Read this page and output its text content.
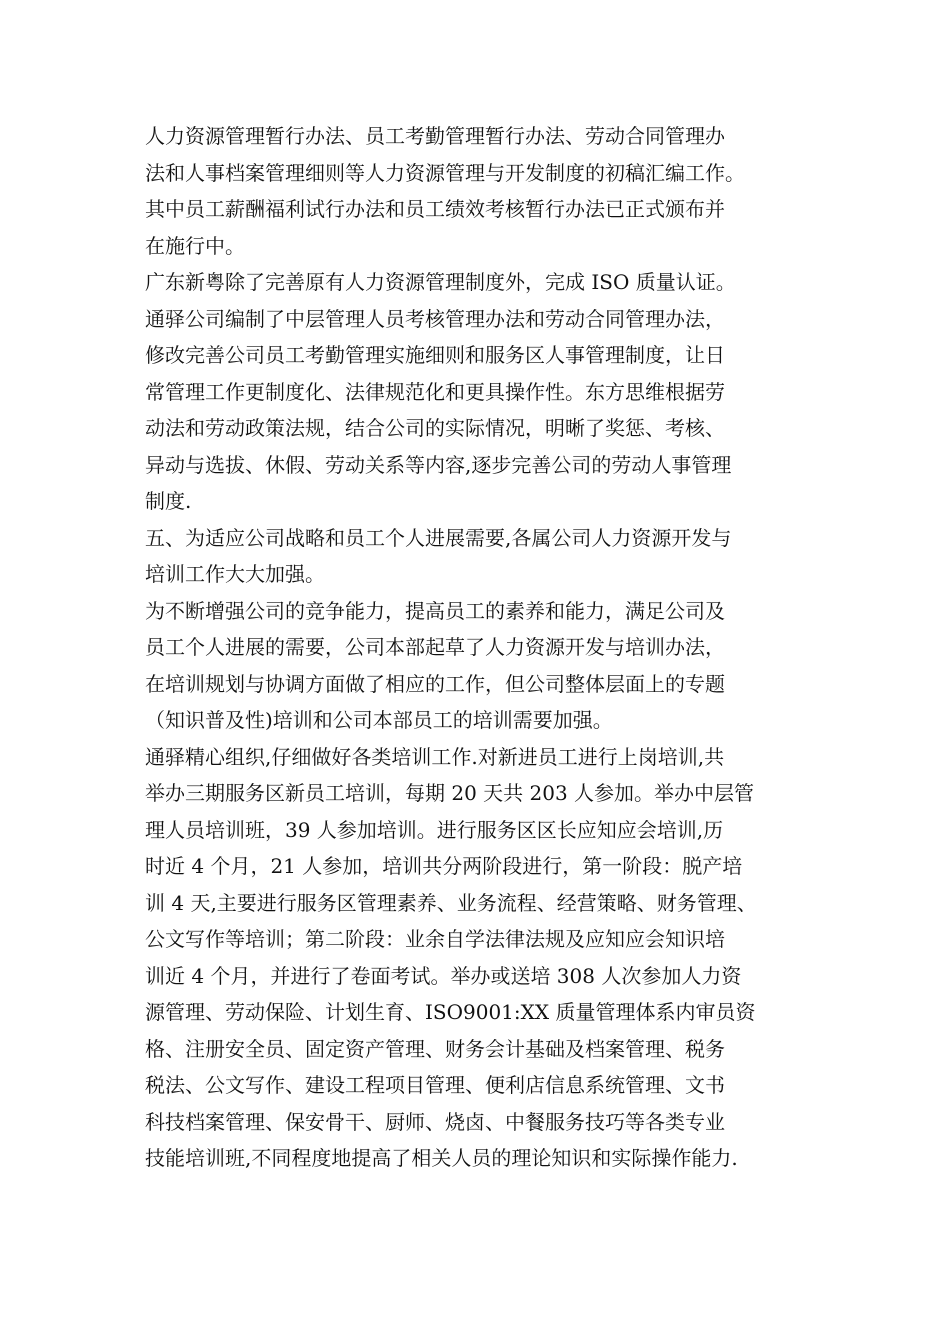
人力资源管理暂行办法、员工考勤管理暂行办法、劳动合同管理办
法和人事档案管理细则等人力资源管理与开发制度的初稿汇编工作。
其中员工薪酬福利试行办法和员工绩效考核暂行办法已正式颁布并
在施行中。
广东新粤除了完善原有人力资源管理制度外，完成 ISO 质量认证。
通驿公司编制了中层管理人员考核管理办法和劳动合同管理办法，
修改完善公司员工考勤管理实施细则和服务区人事管理制度，让日
常管理工作更制度化、法律规范化和更具操作性。东方思维根据劳
动法和劳动政策法规，结合公司的实际情况，明晰了奖惩、考核、
异动与选拔、休假、劳动关系等内容,逐步完善公司的劳动人事管理
制度.
五、为适应公司战略和员工个人进展需要,各属公司人力资源开发与
培训工作大大加强。
为不断增强公司的竞争能力，提高员工的素养和能力，满足公司及
员工个人进展的需要，公司本部起草了人力资源开发与培训办法，
在培训规划与协调方面做了相应的工作，但公司整体层面上的专题
（知识普及性)培训和公司本部员工的培训需要加强。
通驿精心组织,仔细做好各类培训工作.对新进员工进行上岗培训,共
举办三期服务区新员工培训，每期 20 天共 203 人参加。举办中层管
理人员培训班，39 人参加培训。进行服务区区长应知应会培训,历
时近 4 个月，21 人参加，培训共分两阶段进行，第一阶段：脱产培
训 4 天,主要进行服务区管理素养、业务流程、经营策略、财务管理、
公文写作等培训；第二阶段：业余自学法律法规及应知应会知识培
训近 4 个月，并进行了卷面考试。举办或送培 308 人次参加人力资
源管理、劳动保险、计划生育、ISO9001:XX 质量管理体系内审员资
格、注册安全员、固定资产管理、财务会计基础及档案管理、税务
税法、公文写作、建设工程项目管理、便利店信息系统管理、文书
科技档案管理、保安骨干、厨师、烧卤、中餐服务技巧等各类专业
技能培训班,不同程度地提高了相关人员的理论知识和实际操作能力.
